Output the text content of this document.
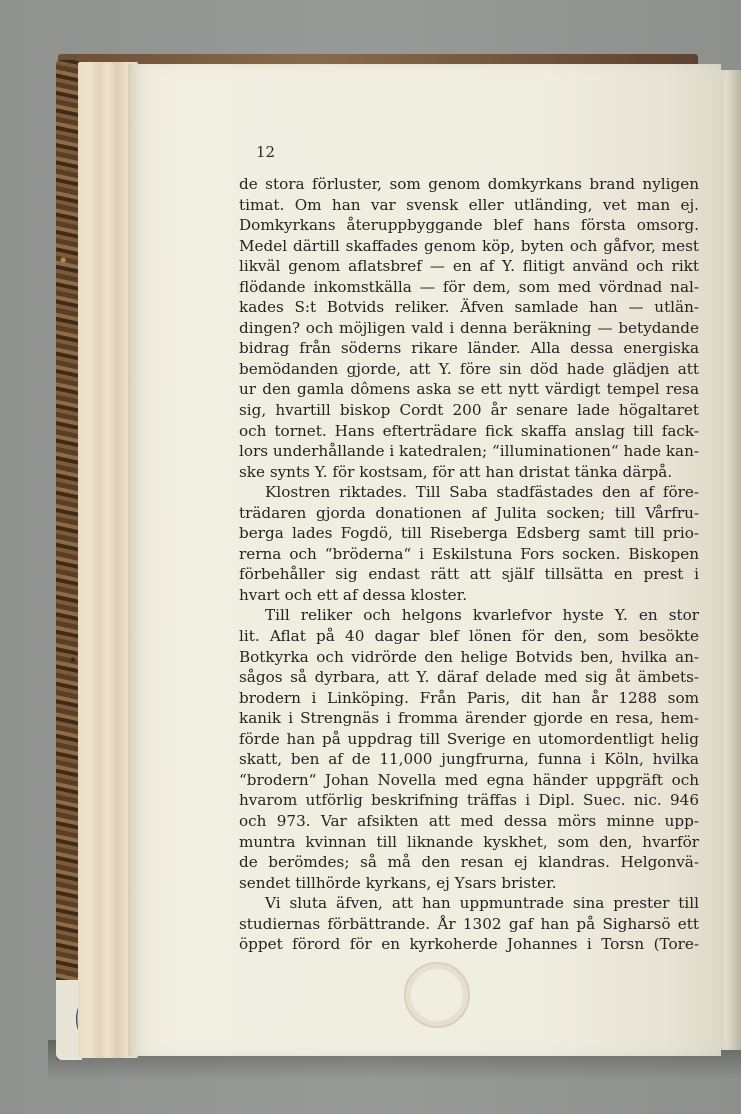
12
de stora förluster, som genom domkyrkans brand nyligen
timat. Om han var svensk eller utländing, vet man ej.
Domkyrkans återuppbyggande blef hans första omsorg.
Medel därtill skaffades genom köp, byten och gåfvor, mest
likväl genom aflatsbref — en af Y. flitigt använd och rikt
flödande inkomstkälla — för dem, som med vördnad nal-
kades S:t Botvids reliker. Äfven samlade han — utlän-
dingen? och möjligen vald i denna beräkning — betydande
bidrag från söderns rikare länder. Alla dessa energiska
bemödanden gjorde, att Y. före sin död hade glädjen att
ur den gamla dômens aska se ett nytt värdigt tempel resa
sig, hvartill biskop Cordt 200 år senare lade högaltaret
och tornet. Hans efterträdare fick skaffa anslag till fack-
lors underhållande i katedralen; “illuminationen“ hade kan-
ske synts Y. för kostsam, för att han dristat tänka därpå.
Klostren riktades. Till Saba stadfästades den af före-
trädaren gjorda donationen af Julita socken; till Vårfru-
berga lades Fogdö, till Riseberga Edsberg samt till prio-
rerna och “bröderna“ i Eskilstuna Fors socken. Biskopen
förbehåller sig endast rätt att själf tillsätta en prest i
hvart och ett af dessa kloster.
Till reliker och helgons kvarlefvor hyste Y. en stor
lit. Aflat på 40 dagar blef lönen för den, som besökte
Botkyrka och vidrörde den helige Botvids ben, hvilka an-
sågos så dyrbara, att Y. däraf delade med sig åt ämbets-
brodern i Linköping. Från Paris, dit han år 1288 som
kanik i Strengnäs i fromma ärender gjorde en resa, hem-
förde han på uppdrag till Sverige en utomordentligt helig
skatt, ben af de 11,000 jungfrurna, funna i Köln, hvilka
“brodern“ Johan Novella med egna händer uppgräft och
hvarom utförlig beskrifning träffas i Dipl. Suec. nic. 946
och 973. Var afsikten att med dessa mörs minne upp-
muntra kvinnan till liknande kyskhet, som den, hvarför
de berömdes; så må den resan ej klandras. Helgonvä-
sendet tillhörde kyrkans, ej Ysars brister.
Vi sluta äfven, att han uppmuntrade sina prester till
studiernas förbättrande. År 1302 gaf han på Sigharsö ett
öppet förord för en kyrkoherde Johannes i Torsn (Tore-
